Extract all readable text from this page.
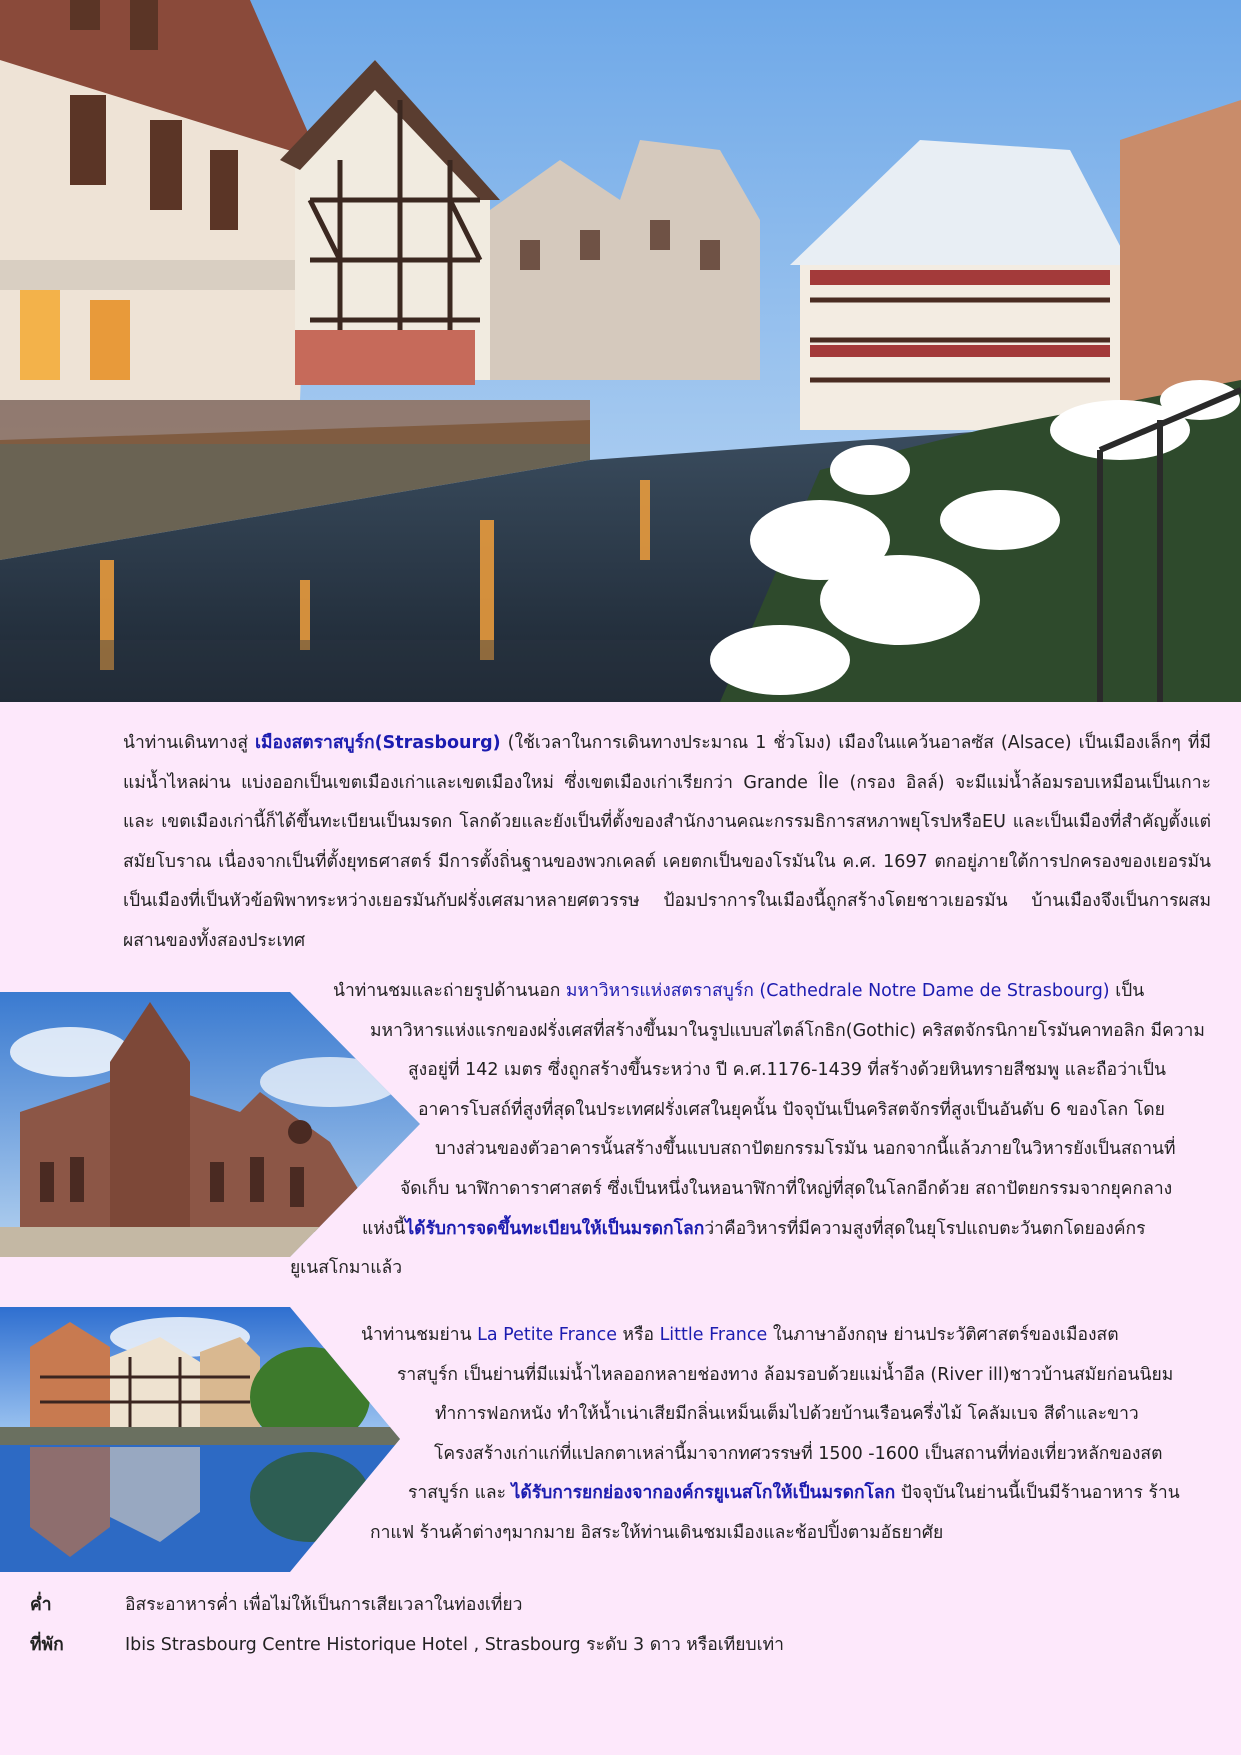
นำท่านเดินทางสู่ เมืองสตราสบูร์ก(Strasbourg) (ใช้เวลาในการเดินทางประมาณ 1 ชั่วโมง) เมืองในแคว้นอาลซัส (Alsace) เป็นเมืองเล็กๆ ที่มีแม่น้ำไหลผ่าน แบ่งออกเป็นเขตเมืองเก่าและเขตเมืองใหม่ ซึ่งเขตเมืองเก่าเรียกว่า Grande Île (กรอง อิลล์) จะมีแม่น้ำล้อมรอบเหมือนเป็นเกาะ และ เขตเมืองเก่านี้ก็ได้ขึ้นทะเบียนเป็นมรดก โลกด้วยและยังเป็นที่ตั้งของสำนักงานคณะกรรมธิการสหภาพยุโรปหรือEU และเป็นเมืองที่สำคัญตั้งแต่สมัยโบราณ เนื่องจากเป็นที่ตั้งยุทธศาสตร์ มีการตั้งถิ่นฐานของพวกเคลต์ เคยตกเป็นของโรมันใน ค.ศ. 1697 ตกอยู่ภายใต้การปกครองของเยอรมัน เป็นเมืองที่เป็นหัวข้อพิพาทระหว่างเยอรมันกับฝรั่งเศสมาหลายศตวรรษ ป้อมปราการในเมืองนี้ถูกสร้างโดยชาวเยอรมัน บ้านเมืองจึงเป็นการผสมผสานของทั้งสองประเทศ
นำท่านชมและถ่ายรูปด้านนอก มหาวิหารแห่งสตราสบูร์ก (Cathedrale Notre Dame de Strasbourg) เป็น
มหาวิหารแห่งแรกของฝรั่งเศสที่สร้างขึ้นมาในรูปแบบสไตล์โกธิก(Gothic) คริสตจักรนิกายโรมันคาทอลิก มีความ
สูงอยู่ที่ 142 เมตร ซึ่งถูกสร้างขึ้นระหว่าง ปี ค.ศ.1176-1439 ที่สร้างด้วยหินทรายสีชมพู และถือว่าเป็น
อาคารโบสถ์ที่สูงที่สุดในประเทศฝรั่งเศสในยุคนั้น ปัจจุบันเป็นคริสตจักรที่สูงเป็นอันดับ 6 ของโลก โดย
บางส่วนของตัวอาคารนั้นสร้างขึ้นแบบสถาปัตยกรรมโรมัน นอกจากนี้แล้วภายในวิหารยังเป็นสถานที่
จัดเก็บ นาฬิกาดาราศาสตร์ ซึ่งเป็นหนึ่งในหอนาฬิกาที่ใหญ่ที่สุดในโลกอีกด้วย สถาปัตยกรรมจากยุคกลาง
แห่งนี้ได้รับการจดขึ้นทะเบียนให้เป็นมรดกโลกว่าคือวิหารที่มีความสูงที่สุดในยุโรปแถบตะวันตกโดยองค์กร
ยูเนสโกมาแล้ว
นำท่านชมย่าน La Petite France หรือ Little France ในภาษาอังกฤษ ย่านประวัติศาสตร์ของเมืองสต
ราสบูร์ก เป็นย่านที่มีแม่น้ำไหลออกหลายช่องทาง ล้อมรอบด้วยแม่น้ำอีล (River ill)ชาวบ้านสมัยก่อนนิยม
ทำการฟอกหนัง ทำให้น้ำเน่าเสียมีกลิ่นเหม็นเต็มไปด้วยบ้านเรือนครึ่งไม้ โคลัมเบจ สีดำและขาว
โครงสร้างเก่าแก่ที่แปลกตาเหล่านี้มาจากทศวรรษที่ 1500 -1600 เป็นสถานที่ท่องเที่ยวหลักของสต
ราสบูร์ก และ ได้รับการยกย่องจากองค์กรยูเนสโกให้เป็นมรดกโลก ปัจจุบันในย่านนี้เป็นมีร้านอาหาร ร้าน
กาแฟ ร้านค้าต่างๆมากมาย อิสระให้ท่านเดินชมเมืองและช้อปปิ้งตามอัธยาศัย
ค่ำ	อิสระอาหารค่ำ เพื่อไม่ให้เป็นการเสียเวลาในท่องเที่ยว
ที่พัก	Ibis Strasbourg Centre Historique Hotel , Strasbourg ระดับ 3 ดาว หรือเทียบเท่า
